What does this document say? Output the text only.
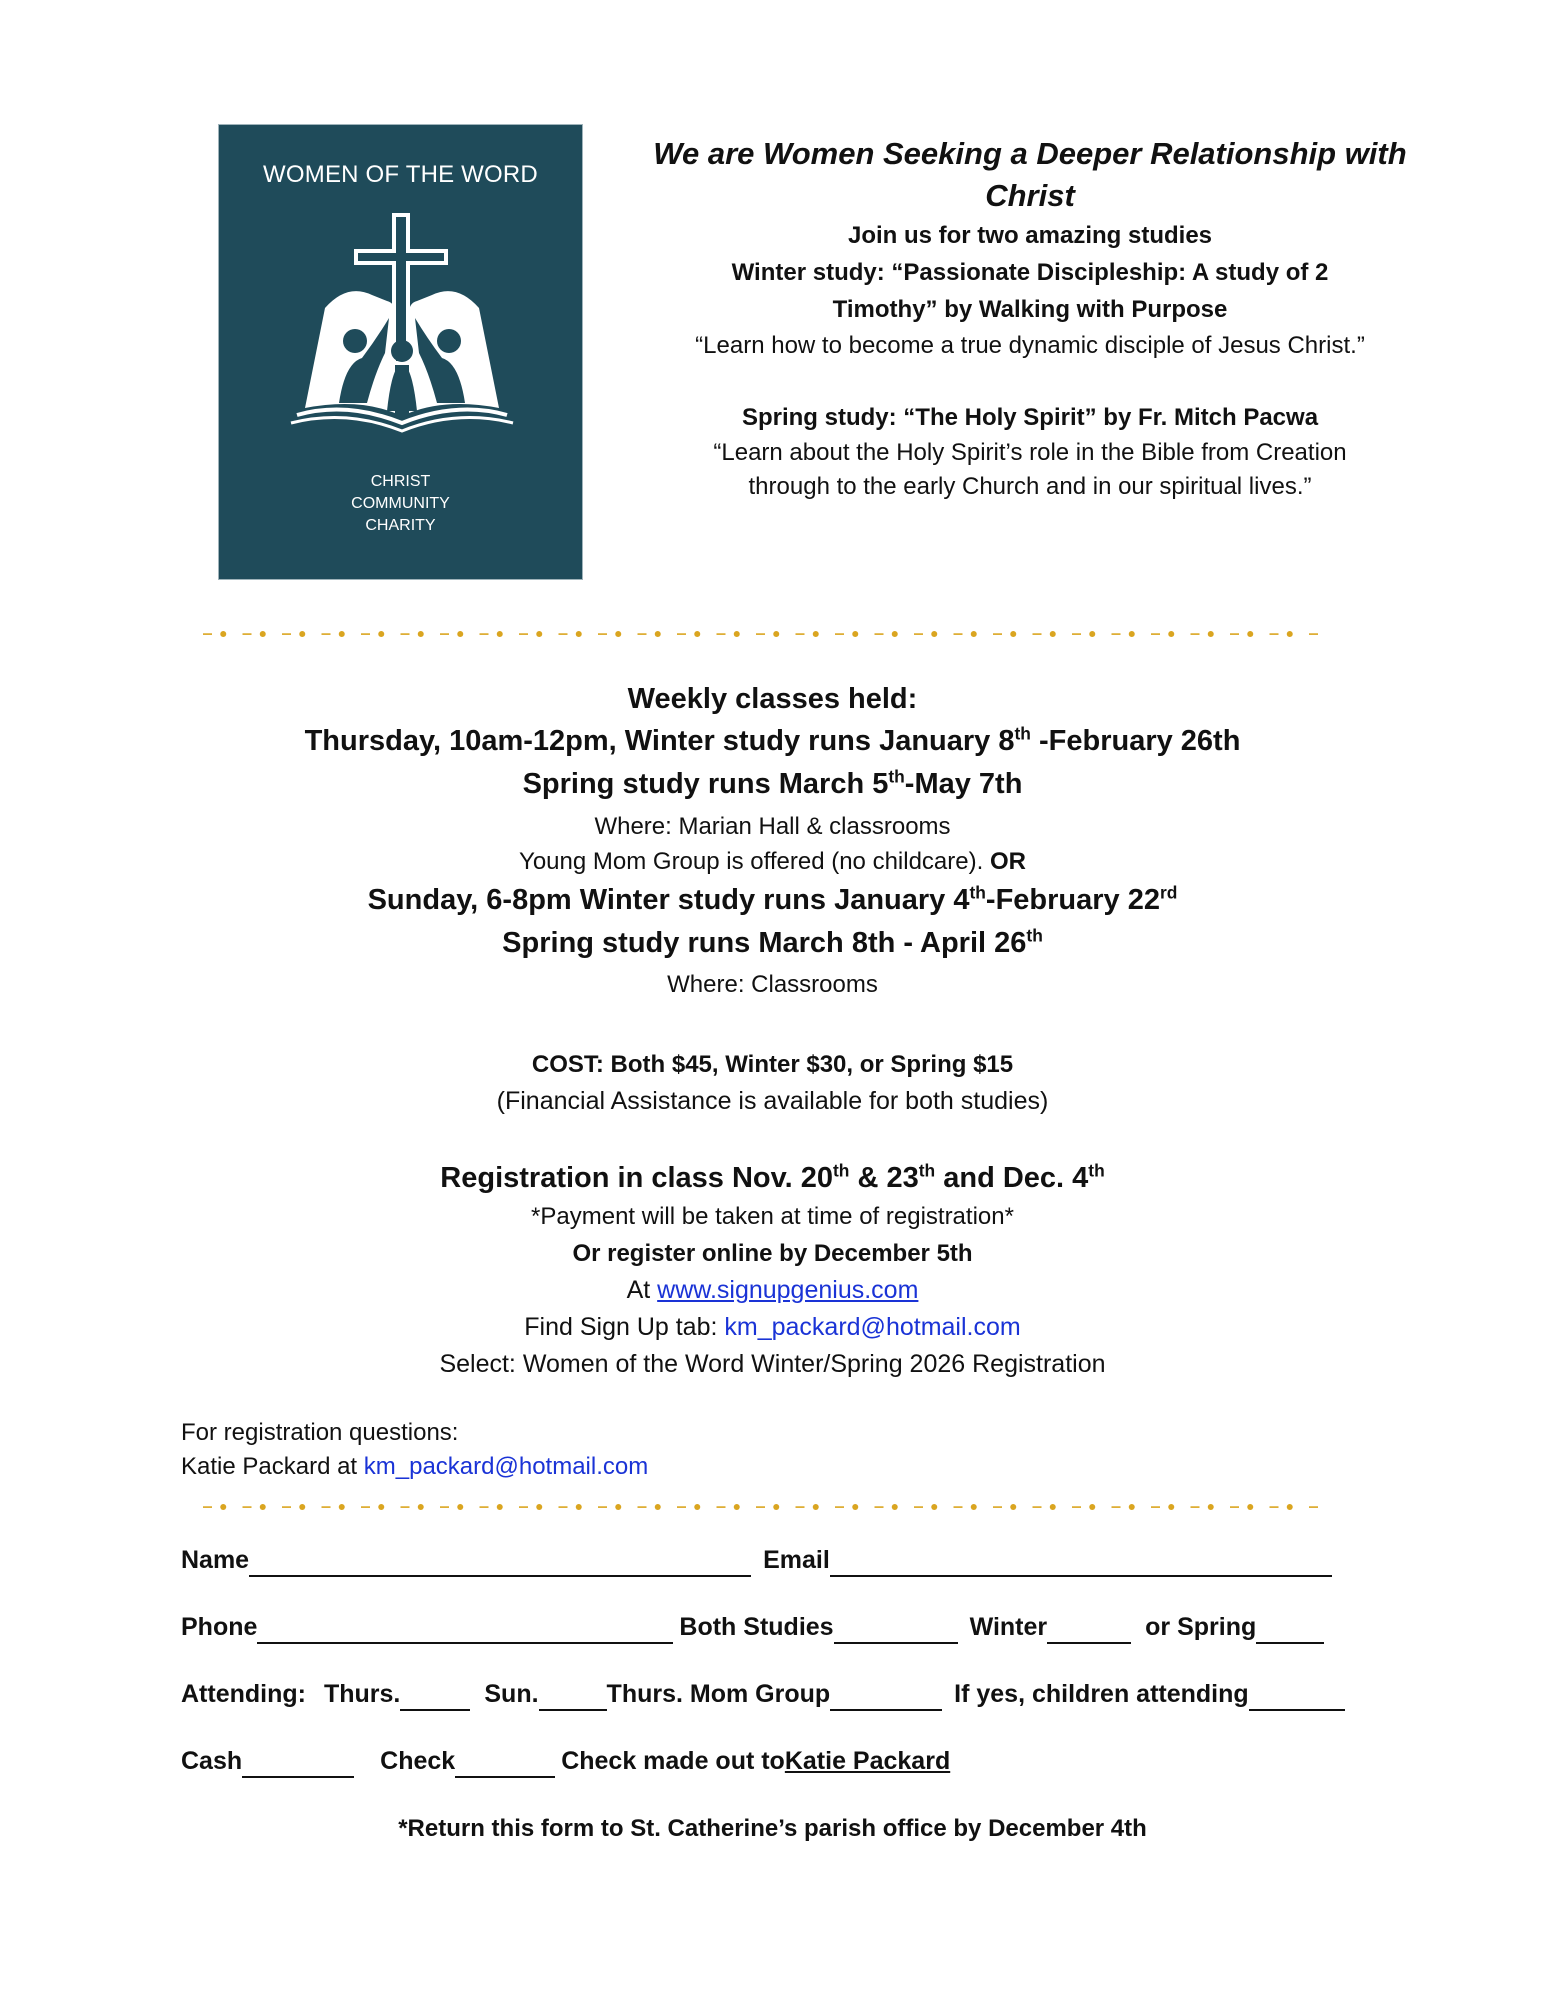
WOMEN OF THE WORD
CHRIST
COMMUNITY
CHARITY
We are Women Seeking a Deeper Relationship with
Christ
Join us for two amazing studies
Winter study: “Passionate Discipleship: A study of 2
Timothy” by Walking with Purpose
“Learn how to become a true dynamic disciple of Jesus Christ.”
Spring study: “The Holy Spirit” by Fr. Mitch Pacwa
“Learn about the Holy Spirit’s role in the Bible from Creation
through to the early Church and in our spiritual lives.”
Weekly classes held:
Thursday, 10am-12pm, Winter study runs January 8th -February 26th
Spring study runs March 5th-May 7th
Where: Marian Hall & classrooms
Young Mom Group is offered (no childcare). OR
Sunday, 6-8pm Winter study runs January 4th-February 22rd
Spring study runs March 8th - April 26th
Where: Classrooms
COST: Both $45, Winter $30, or Spring $15
(Financial Assistance is available for both studies)
Registration in class Nov. 20th & 23th and Dec. 4th
*Payment will be taken at time of registration*
Or register online by December 5th
At www.signupgenius.com
Find Sign Up tab: km_packard@hotmail.com
Select: Women of the Word Winter/Spring 2026 Registration
For registration questions:
Katie Packard at km_packard@hotmail.com
Name	Email
Phone	Both Studies	Winter	or Spring
Attending: Thurs.	Sun.	Thurs. Mom Group	If yes, children attending
Cash	Check	Check made out to Katie Packard
*Return this form to St. Catherine’s parish office by December 4th
